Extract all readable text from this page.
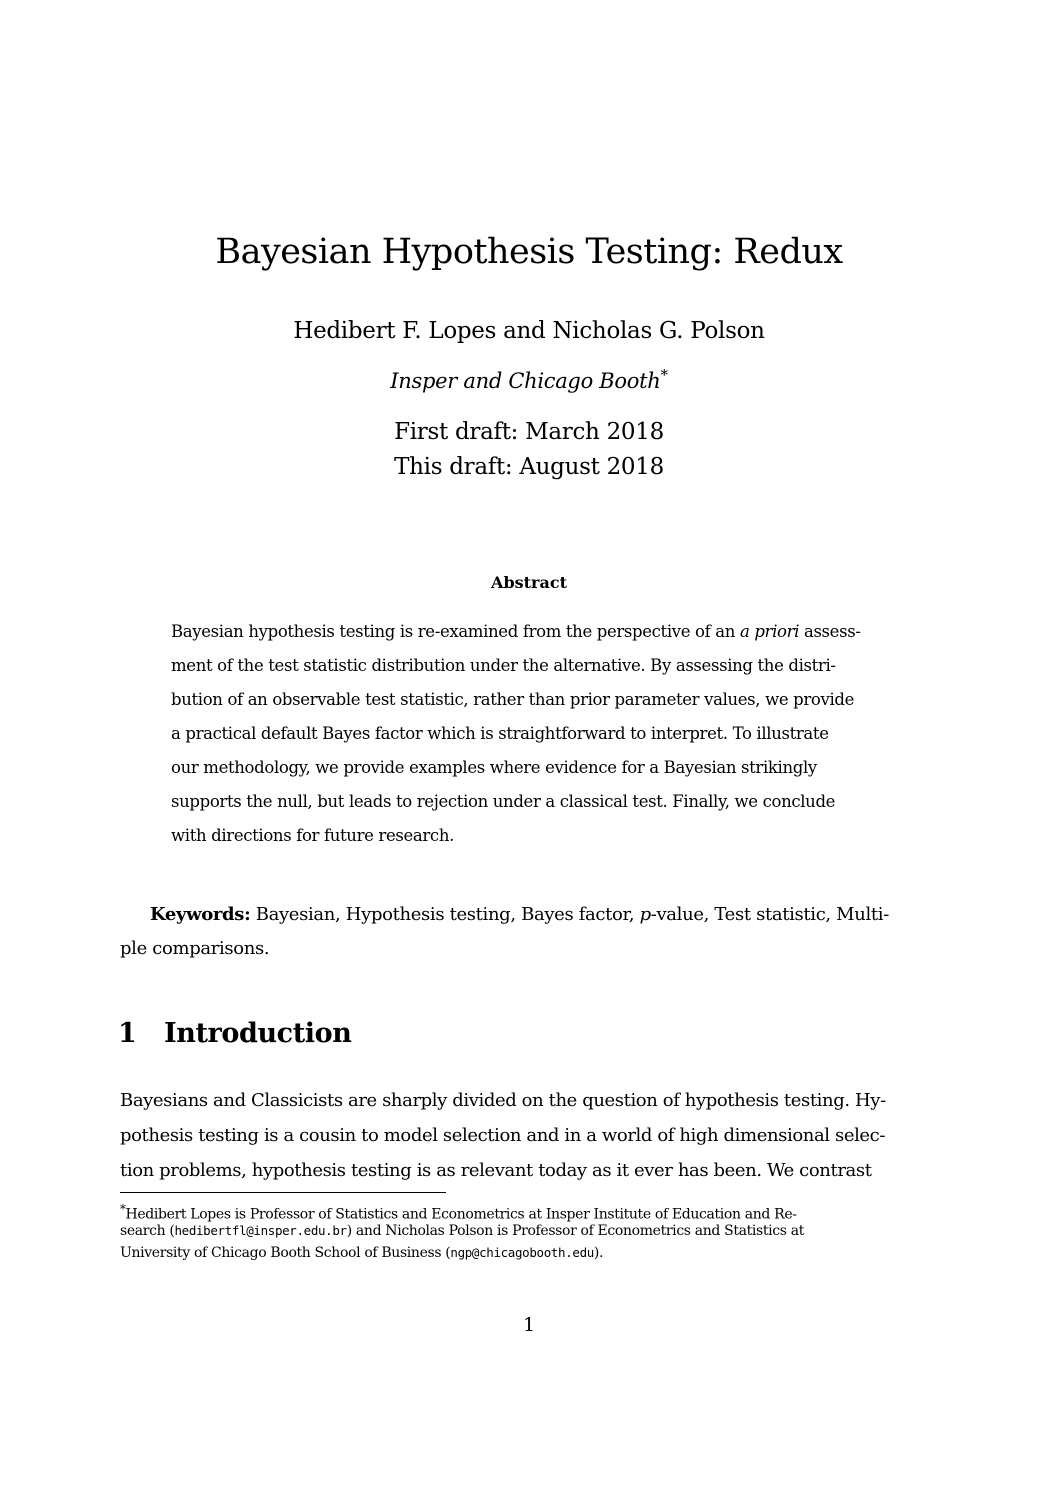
Bayesian Hypothesis Testing: Redux
Hedibert F. Lopes and Nicholas G. Polson
Insper and Chicago Booth*
First draft: March 2018
This draft: August 2018
Abstract
Bayesian hypothesis testing is re-examined from the perspective of an a priori assess-
ment of the test statistic distribution under the alternative. By assessing the distri-
bution of an observable test statistic, rather than prior parameter values, we provide
a practical default Bayes factor which is straightforward to interpret. To illustrate
our methodology, we provide examples where evidence for a Bayesian strikingly
supports the null, but leads to rejection under a classical test. Finally, we conclude
with directions for future research.
Keywords: Bayesian, Hypothesis testing, Bayes factor, p-value, Test statistic, Multi-
ple comparisons.
1 Introduction
Bayesians and Classicists are sharply divided on the question of hypothesis testing. Hy-
pothesis testing is a cousin to model selection and in a world of high dimensional selec-
tion problems, hypothesis testing is as relevant today as it ever has been. We contrast
*Hedibert Lopes is Professor of Statistics and Econometrics at Insper Institute of Education and Re-
search (hedibertfl@insper.edu.br) and Nicholas Polson is Professor of Econometrics and Statistics at
University of Chicago Booth School of Business (ngp@chicagobooth.edu).
1
